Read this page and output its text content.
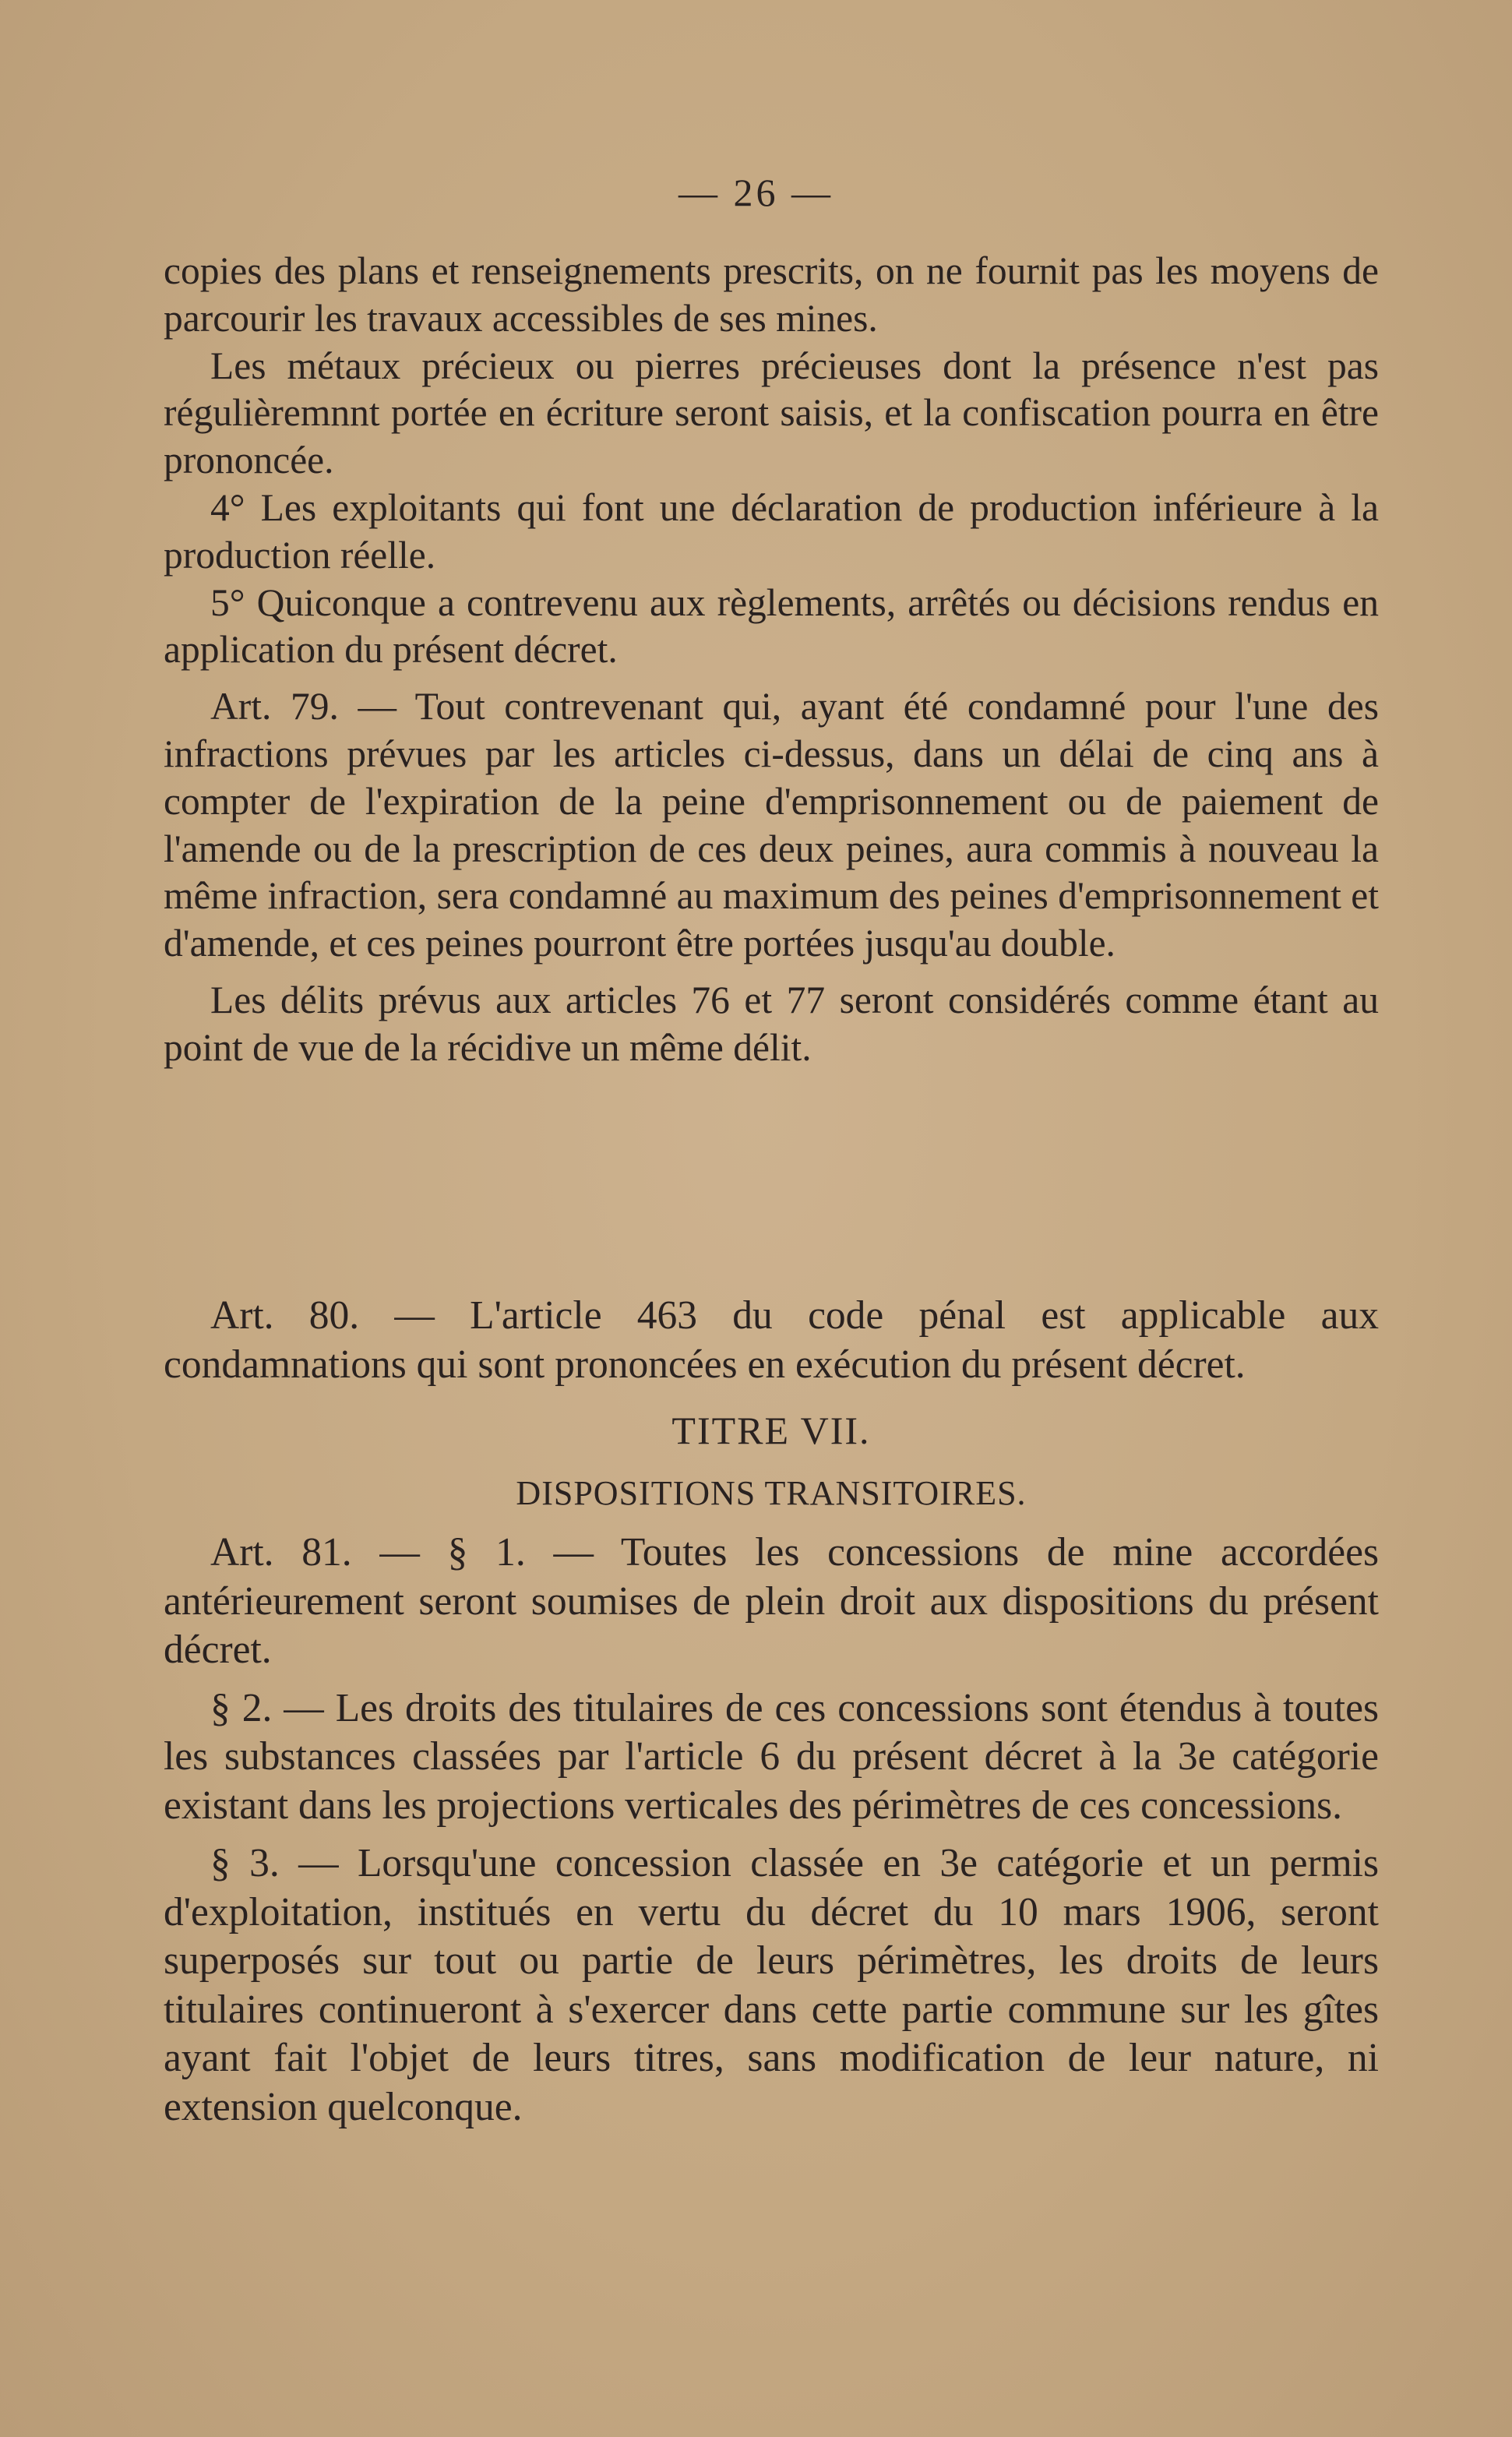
— 26 —

copies des plans et renseignements prescrits, on ne fournit pas les moyens de parcourir les travaux accessibles de ses mines.

Les métaux précieux ou pierres précieuses dont la présence n'est pas régulièremnnt portée en écriture seront saisis, et la confiscation pourra en être prononcée.

4° Les exploitants qui font une déclaration de production inférieure à la production réelle.

5° Quiconque a contrevenu aux règlements, arrêtés ou décisions rendus en application du présent décret.

Art. 79. — Tout contrevenant qui, ayant été condamné pour l'une des infractions prévues par les articles ci-dessus, dans un délai de cinq ans à compter de l'expiration de la peine d'emprisonnement ou de paiement de l'amende ou de la prescription de ces deux peines, aura commis à nouveau la même infraction, sera condamné au maximum des peines d'emprisonnement et d'amende, et ces peines pourront être portées jusqu'au double.

Les délits prévus aux articles 76 et 77 seront considérés comme étant au point de vue de la récidive un même délit.

Art. 80. — L'article 463 du code pénal est applicable aux condamnations qui sont prononcées en exécution du présent décret.

TITRE VII.

DISPOSITIONS TRANSITOIRES.

Art. 81. — § 1. — Toutes les concessions de mine accordées antérieurement seront soumises de plein droit aux dispositions du présent décret.

§ 2. — Les droits des titulaires de ces concessions sont étendus à toutes les substances classées par l'article 6 du présent décret à la 3e catégorie existant dans les projections verticales des périmètres de ces concessions.

§ 3. — Lorsqu'une concession classée en 3e catégorie et un permis d'exploitation, institués en vertu du décret du 10 mars 1906, seront superposés sur tout ou partie de leurs périmètres, les droits de leurs titulaires continueront à s'exercer dans cette partie commune sur les gîtes ayant fait l'objet de leurs titres, sans modification de leur nature, ni extension quelconque.
